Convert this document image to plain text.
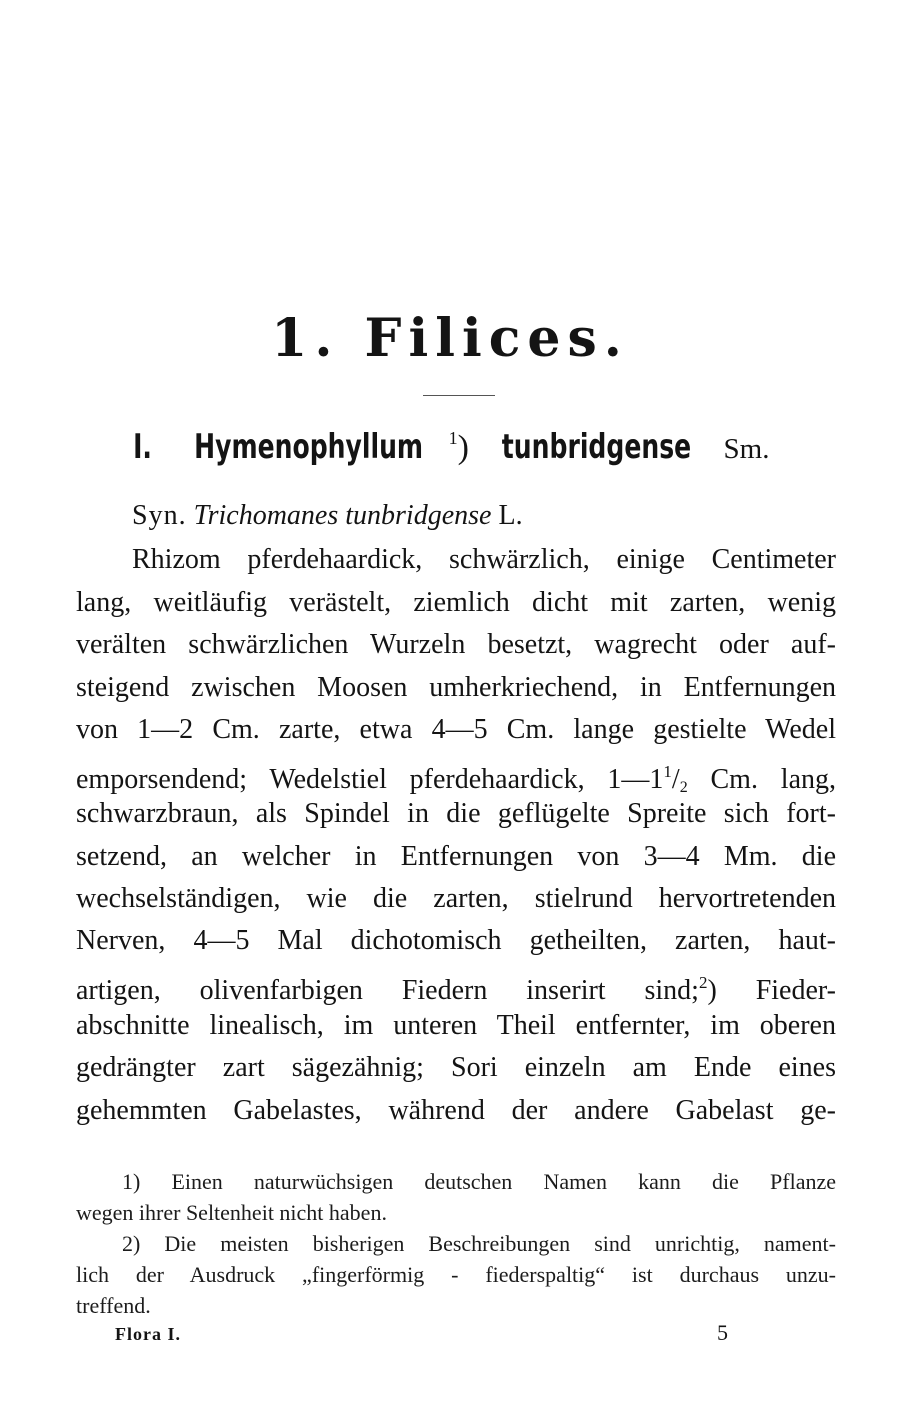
1. Filices.
I. Hymenophyllum $^1$) tunbridgense Sm.
Syn. Trichomanes tunbridgense L.
Rhizom pferdehaardick, schwärzlich, einige Centimeter
lang, weitläufig verästelt, ziemlich dicht mit zarten, wenig
verälten schwärzlichen Wurzeln besetzt, wagrecht oder auf-
steigend zwischen Moosen umherkriechend, in Entfernungen
von 1—2 Cm. zarte, etwa 4—5 Cm. lange gestielte Wedel
emporsendend; Wedelstiel pferdehaardick, $1—1^1/2$ Cm. lang,
schwarzbraun, als Spindel in die geflügelte Spreite sich fort-
setzend, an welcher in Entfernungen von 3—4 Mm. die
wechselständigen, wie die zarten, stielrund hervortretenden
Nerven, 4—5 Mal dichotomisch getheilten, zarten, haut-
artigen, olivenfarbigen Fiedern inserirt sind;$^2$) Fieder-
abschnitte linealisch, im unteren Theil entfernter, im oberen
gedrängter zart sägezähnig; Sori einzeln am Ende eines
gehemmten Gabelastes, während der andere Gabelast ge-
1) Einen naturwüchsigen deutschen Namen kann die Pflanze
wegen ihrer Seltenheit nicht haben.
2) Die meisten bisherigen Beschreibungen sind unrichtig, nament-
lich der Ausdruck „fingerförmig - fiederspaltig“ ist durchaus unzu-
treffend.
Flora I.	5
